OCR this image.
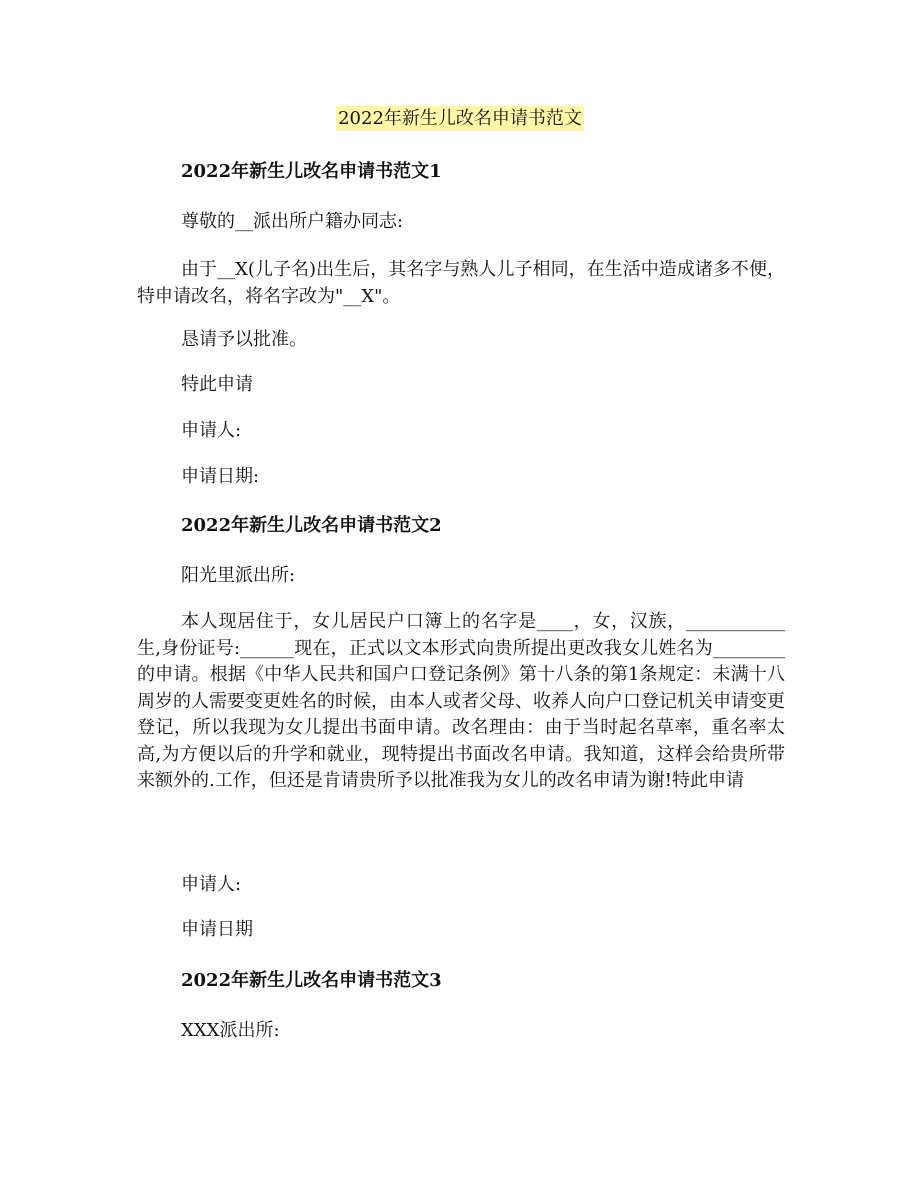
2022年新生儿改名申请书范文
2022年新生儿改名申请书范文1
尊敬的__派出所户籍办同志:
由于__X(儿子名)出生后，其名字与熟人儿子相同，在生活中造成诸多不便，特申请改名，将名字改为"__X"。
恳请予以批准。
特此申请
申请人:
申请日期:
2022年新生儿改名申请书范文2
阳光里派出所:
本人现居住于，女儿居民户口簿上的名字是____，女，汉族，___________生,身份证号:______现在，正式以文本形式向贵所提出更改我女儿姓名为________的申请。根据《中华人民共和国户口登记条例》第十八条的第1条规定：未满十八周岁的人需要变更姓名的时候，由本人或者父母、收养人向户口登记机关申请变更登记，所以我现为女儿提出书面申请。改名理由：由于当时起名草率，重名率太高,为方便以后的升学和就业，现特提出书面改名申请。我知道，这样会给贵所带来额外的.工作，但还是肯请贵所予以批准我为女儿的改名申请为谢!特此申请
申请人:
申请日期
2022年新生儿改名申请书范文3
XXX派出所:
